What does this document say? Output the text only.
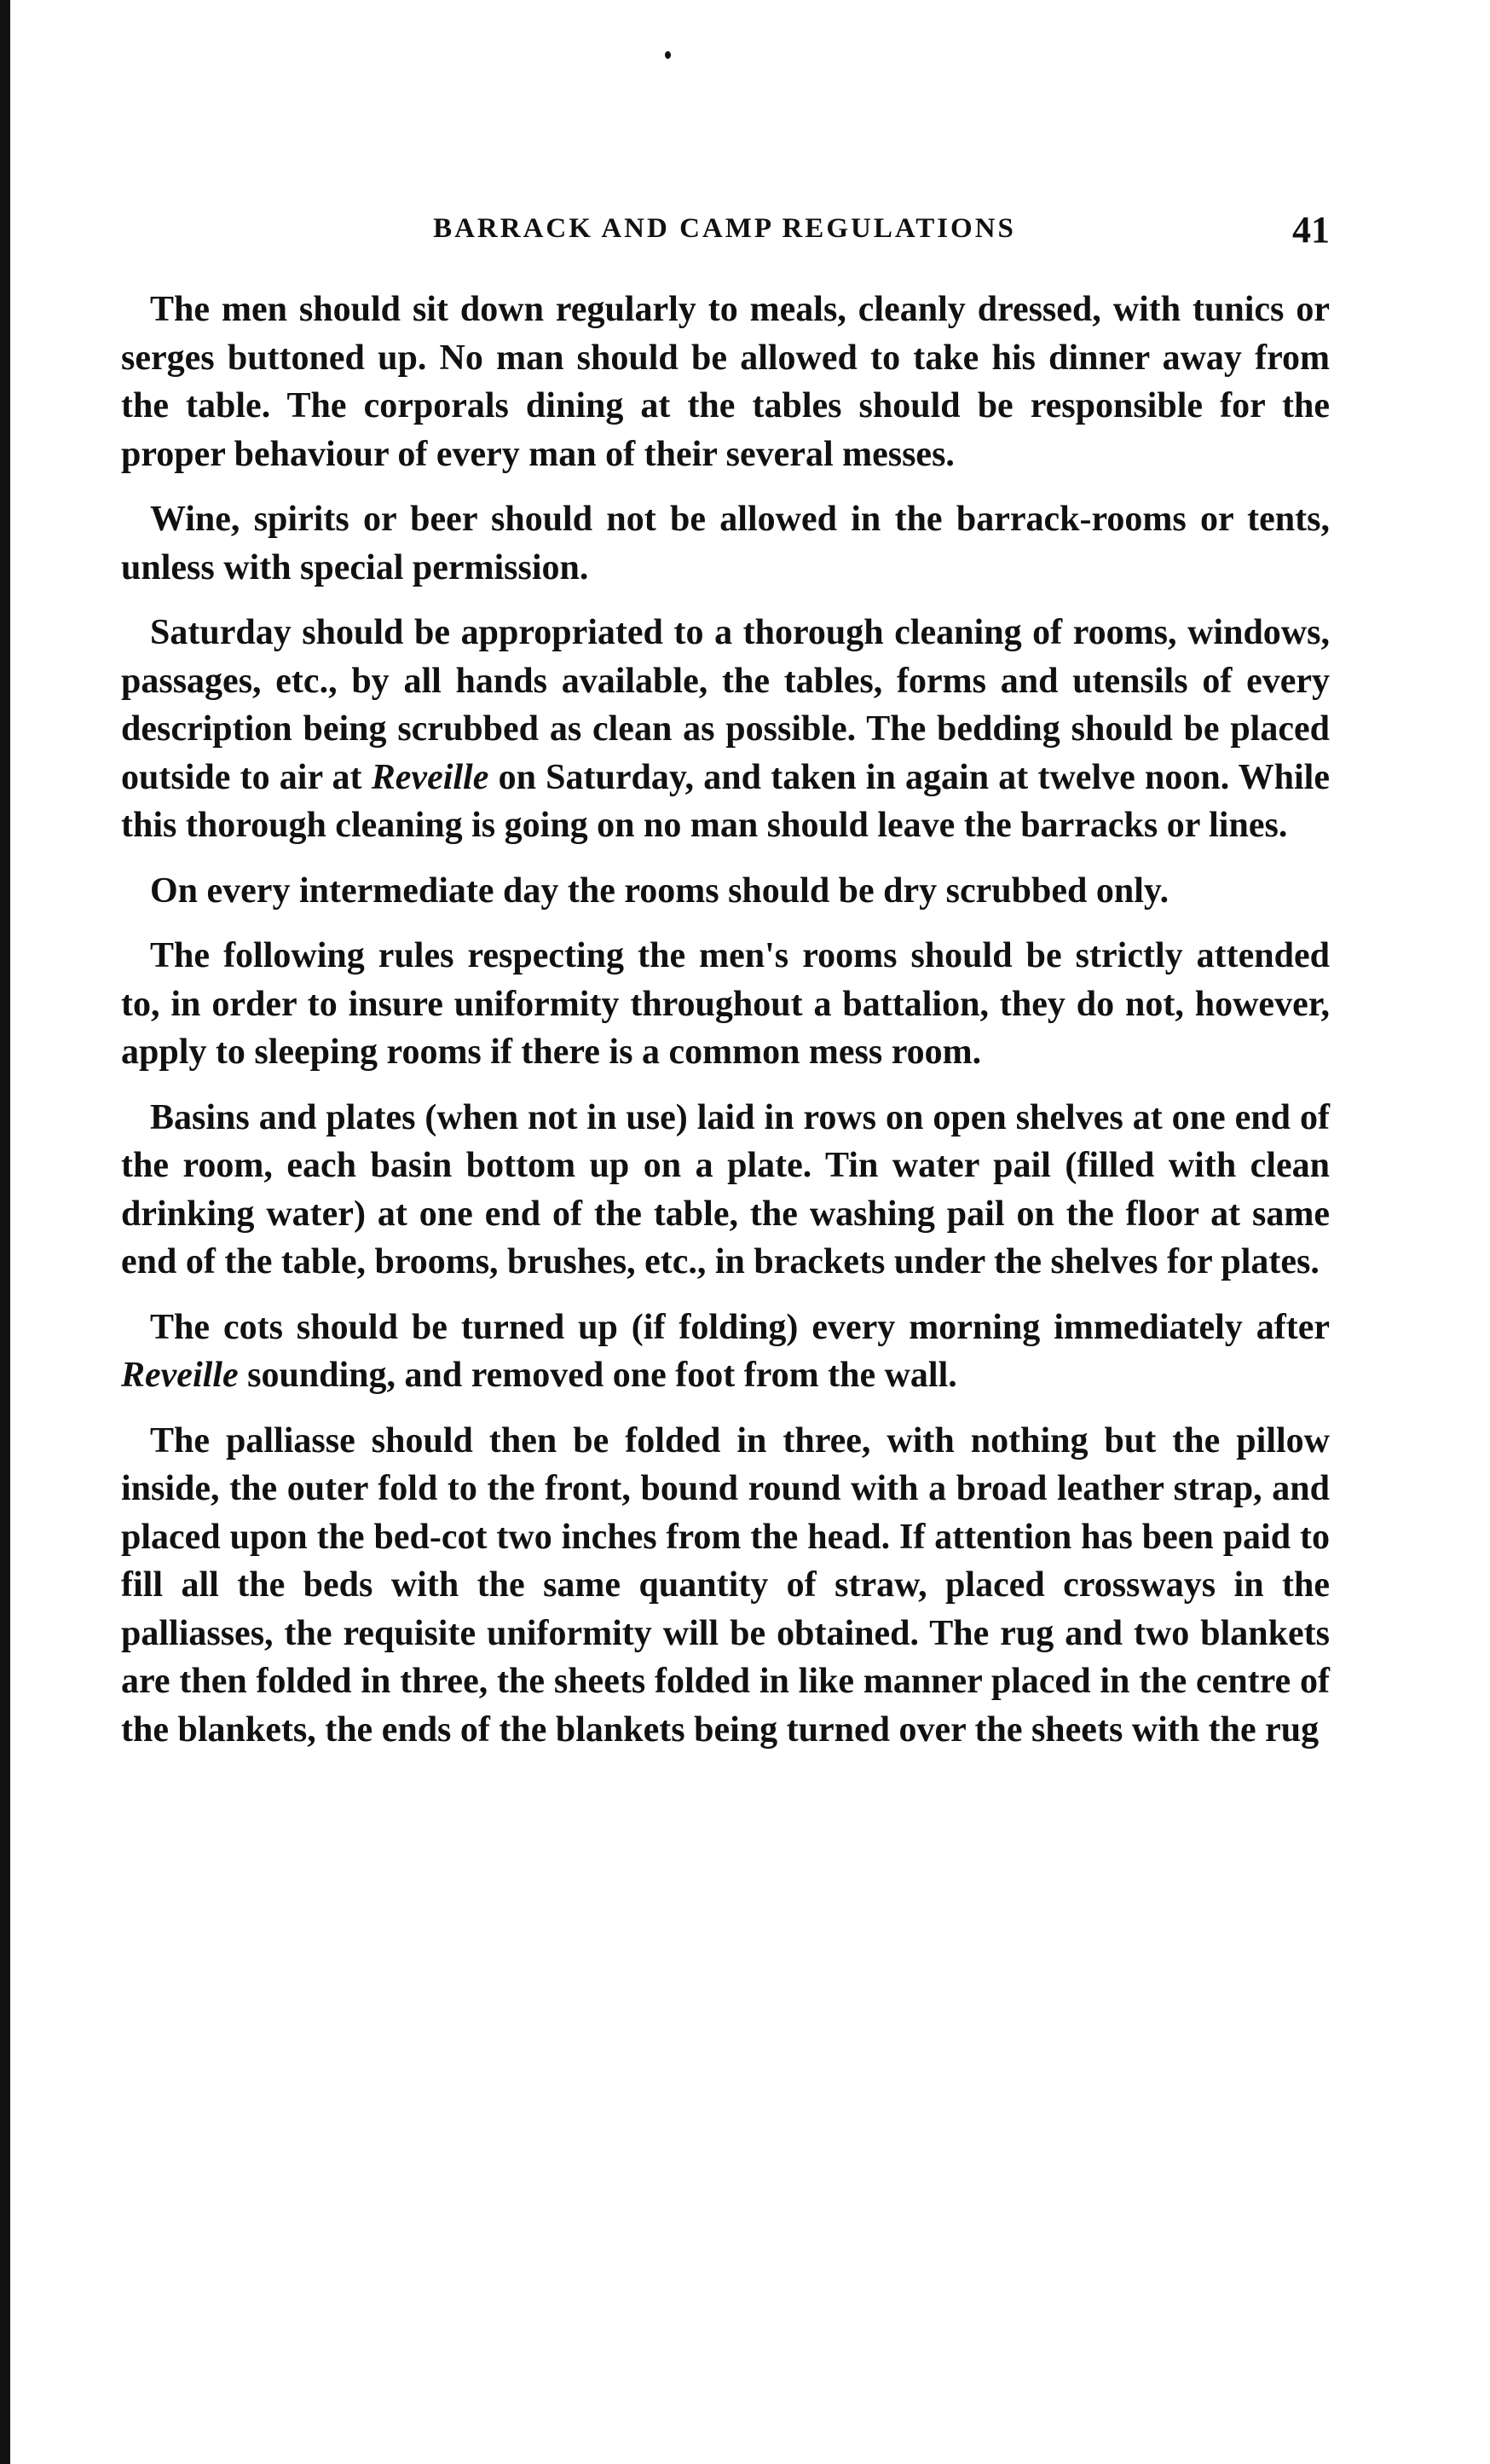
BARRACK AND CAMP REGULATIONS	41

The men should sit down regularly to meals, cleanly dressed, with tunics or serges buttoned up. No man should be allowed to take his dinner away from the table. The corporals dining at the tables should be responsible for the proper behaviour of every man of their several messes.

Wine, spirits or beer should not be allowed in the barrack-rooms or tents, unless with special permission.

Saturday should be appropriated to a thorough cleaning of rooms, windows, passages, etc., by all hands available, the tables, forms and utensils of every description being scrubbed as clean as possible. The bedding should be placed outside to air at Reveille on Saturday, and taken in again at twelve noon. While this thorough cleaning is going on no man should leave the barracks or lines.

On every intermediate day the rooms should be dry scrubbed only.

The following rules respecting the men's rooms should be strictly attended to, in order to insure uniformity throughout a battalion, they do not, however, apply to sleeping rooms if there is a common mess room.

Basins and plates (when not in use) laid in rows on open shelves at one end of the room, each basin bottom up on a plate. Tin water pail (filled with clean drinking water) at one end of the table, the washing pail on the floor at same end of the table, brooms, brushes, etc., in brackets under the shelves for plates.

The cots should be turned up (if folding) every morning immediately after Reveille sounding, and removed one foot from the wall.

The palliasse should then be folded in three, with nothing but the pillow inside, the outer fold to the front, bound round with a broad leather strap, and placed upon the bed-cot two inches from the head. If attention has been paid to fill all the beds with the same quantity of straw, placed crossways in the palliasses, the requisite uniformity will be obtained. The rug and two blankets are then folded in three, the sheets folded in like manner placed in the centre of the blankets, the ends of the blankets being turned over the sheets with the rug
